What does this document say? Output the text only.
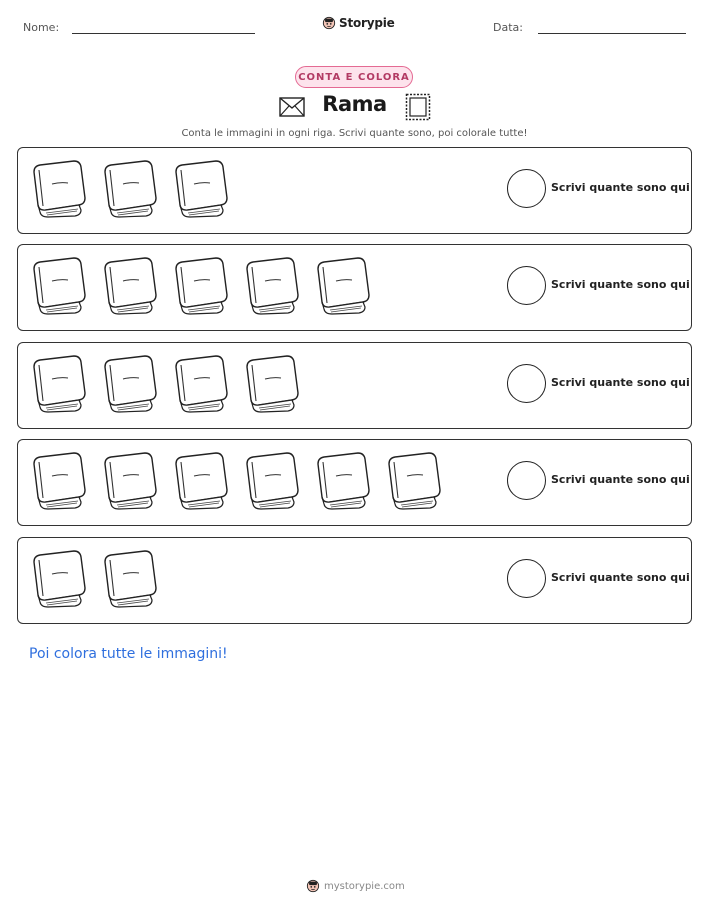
Nome:	Storypie	Data:
CONTA E COLORA
Rama
Conta le immagini in ogni riga. Scrivi quante sono, poi colorale tutte!
Scrivi quante sono qui
Scrivi quante sono qui
Scrivi quante sono qui
Scrivi quante sono qui
Scrivi quante sono qui
Poi colora tutte le immagini!
mystorypie.com
